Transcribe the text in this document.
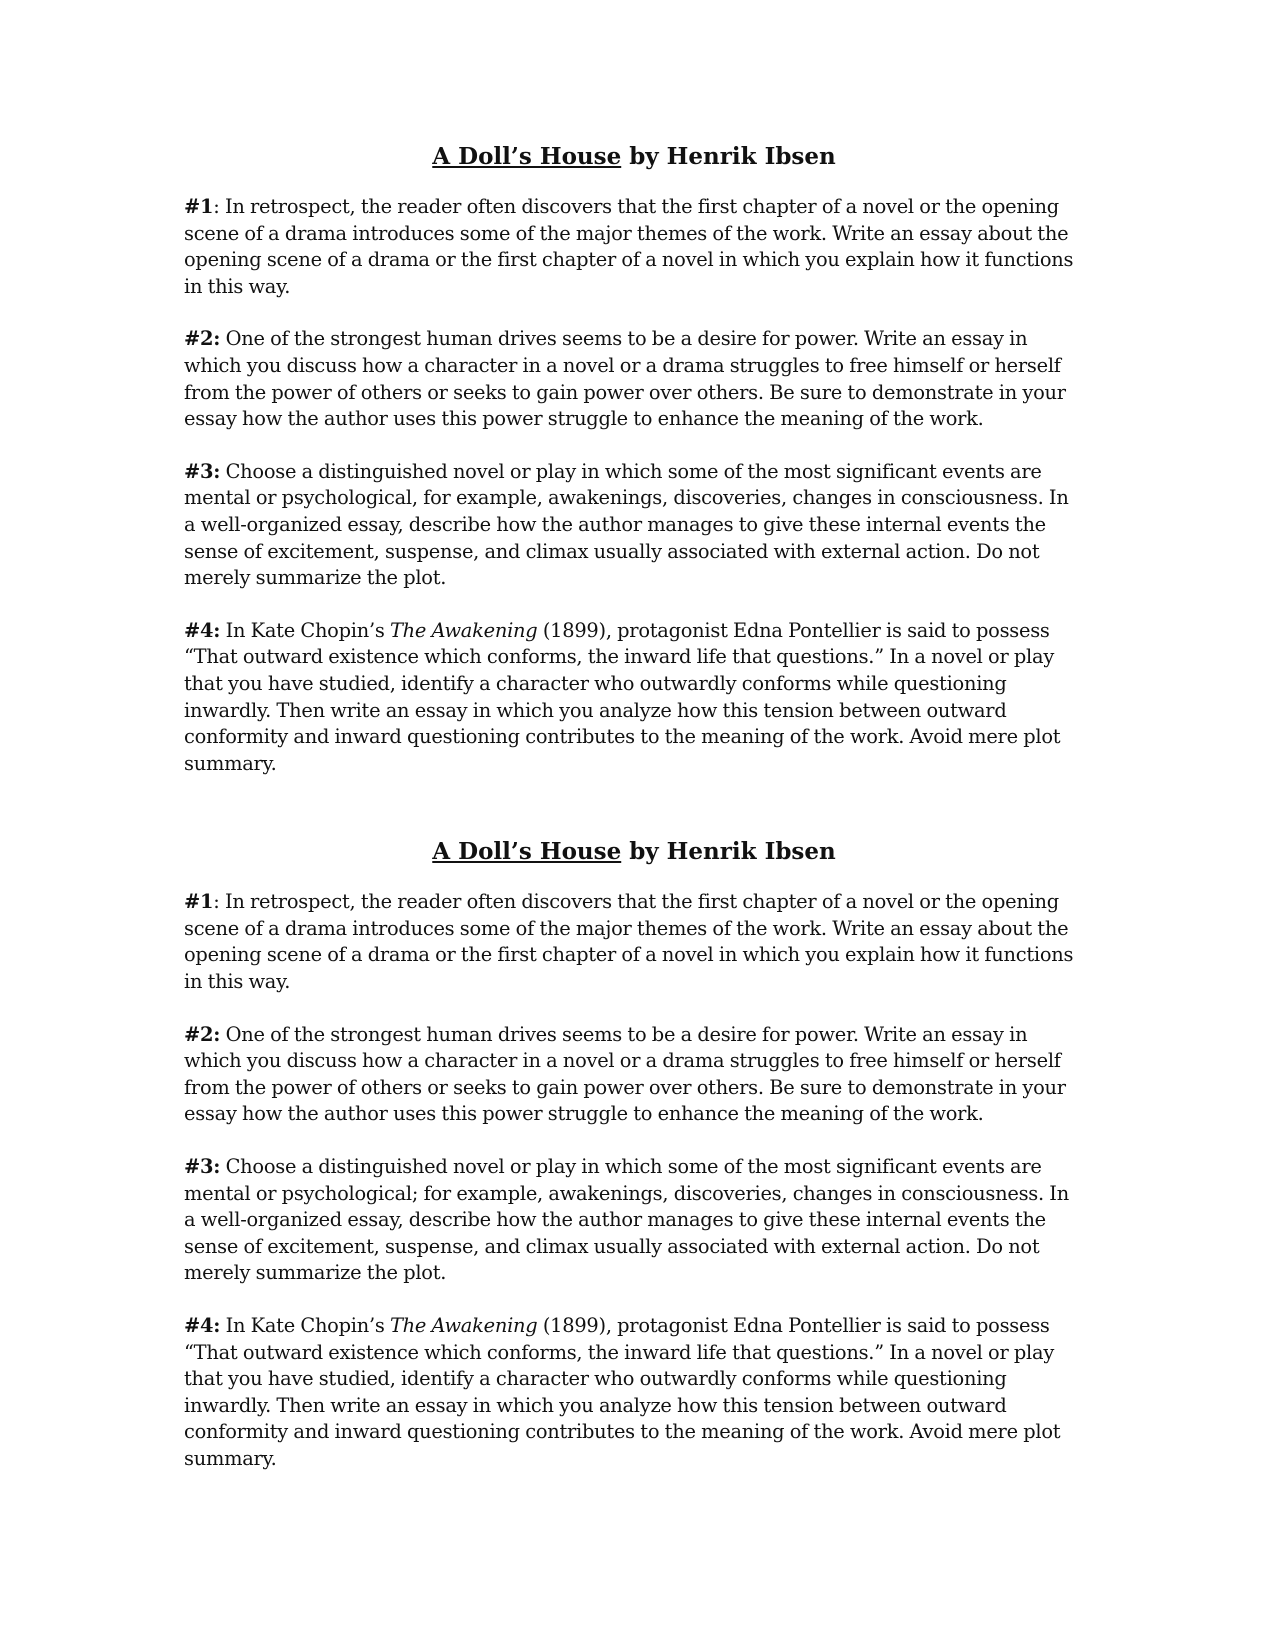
A Doll’s House by Henrik Ibsen

#1: In retrospect, the reader often discovers that the first chapter of a novel or the opening scene of a drama introduces some of the major themes of the work. Write an essay about the opening scene of a drama or the first chapter of a novel in which you explain how it functions in this way.

#2: One of the strongest human drives seems to be a desire for power. Write an essay in which you discuss how a character in a novel or a drama struggles to free himself or herself from the power of others or seeks to gain power over others. Be sure to demonstrate in your essay how the author uses this power struggle to enhance the meaning of the work.

#3: Choose a distinguished novel or play in which some of the most significant events are mental or psychological, for example, awakenings, discoveries, changes in consciousness. In a well-organized essay, describe how the author manages to give these internal events the sense of excitement, suspense, and climax usually associated with external action. Do not merely summarize the plot.

#4: In Kate Chopin’s The Awakening (1899), protagonist Edna Pontellier is said to possess “That outward existence which conforms, the inward life that questions.” In a novel or play that you have studied, identify a character who outwardly conforms while questioning inwardly. Then write an essay in which you analyze how this tension between outward conformity and inward questioning contributes to the meaning of the work. Avoid mere plot summary.

A Doll’s House by Henrik Ibsen

#1: In retrospect, the reader often discovers that the first chapter of a novel or the opening scene of a drama introduces some of the major themes of the work. Write an essay about the opening scene of a drama or the first chapter of a novel in which you explain how it functions in this way.

#2: One of the strongest human drives seems to be a desire for power. Write an essay in which you discuss how a character in a novel or a drama struggles to free himself or herself from the power of others or seeks to gain power over others. Be sure to demonstrate in your essay how the author uses this power struggle to enhance the meaning of the work.

#3: Choose a distinguished novel or play in which some of the most significant events are mental or psychological; for example, awakenings, discoveries, changes in consciousness. In a well-organized essay, describe how the author manages to give these internal events the sense of excitement, suspense, and climax usually associated with external action. Do not merely summarize the plot.

#4: In Kate Chopin’s The Awakening (1899), protagonist Edna Pontellier is said to possess “That outward existence which conforms, the inward life that questions.” In a novel or play that you have studied, identify a character who outwardly conforms while questioning inwardly. Then write an essay in which you analyze how this tension between outward conformity and inward questioning contributes to the meaning of the work. Avoid mere plot summary.
